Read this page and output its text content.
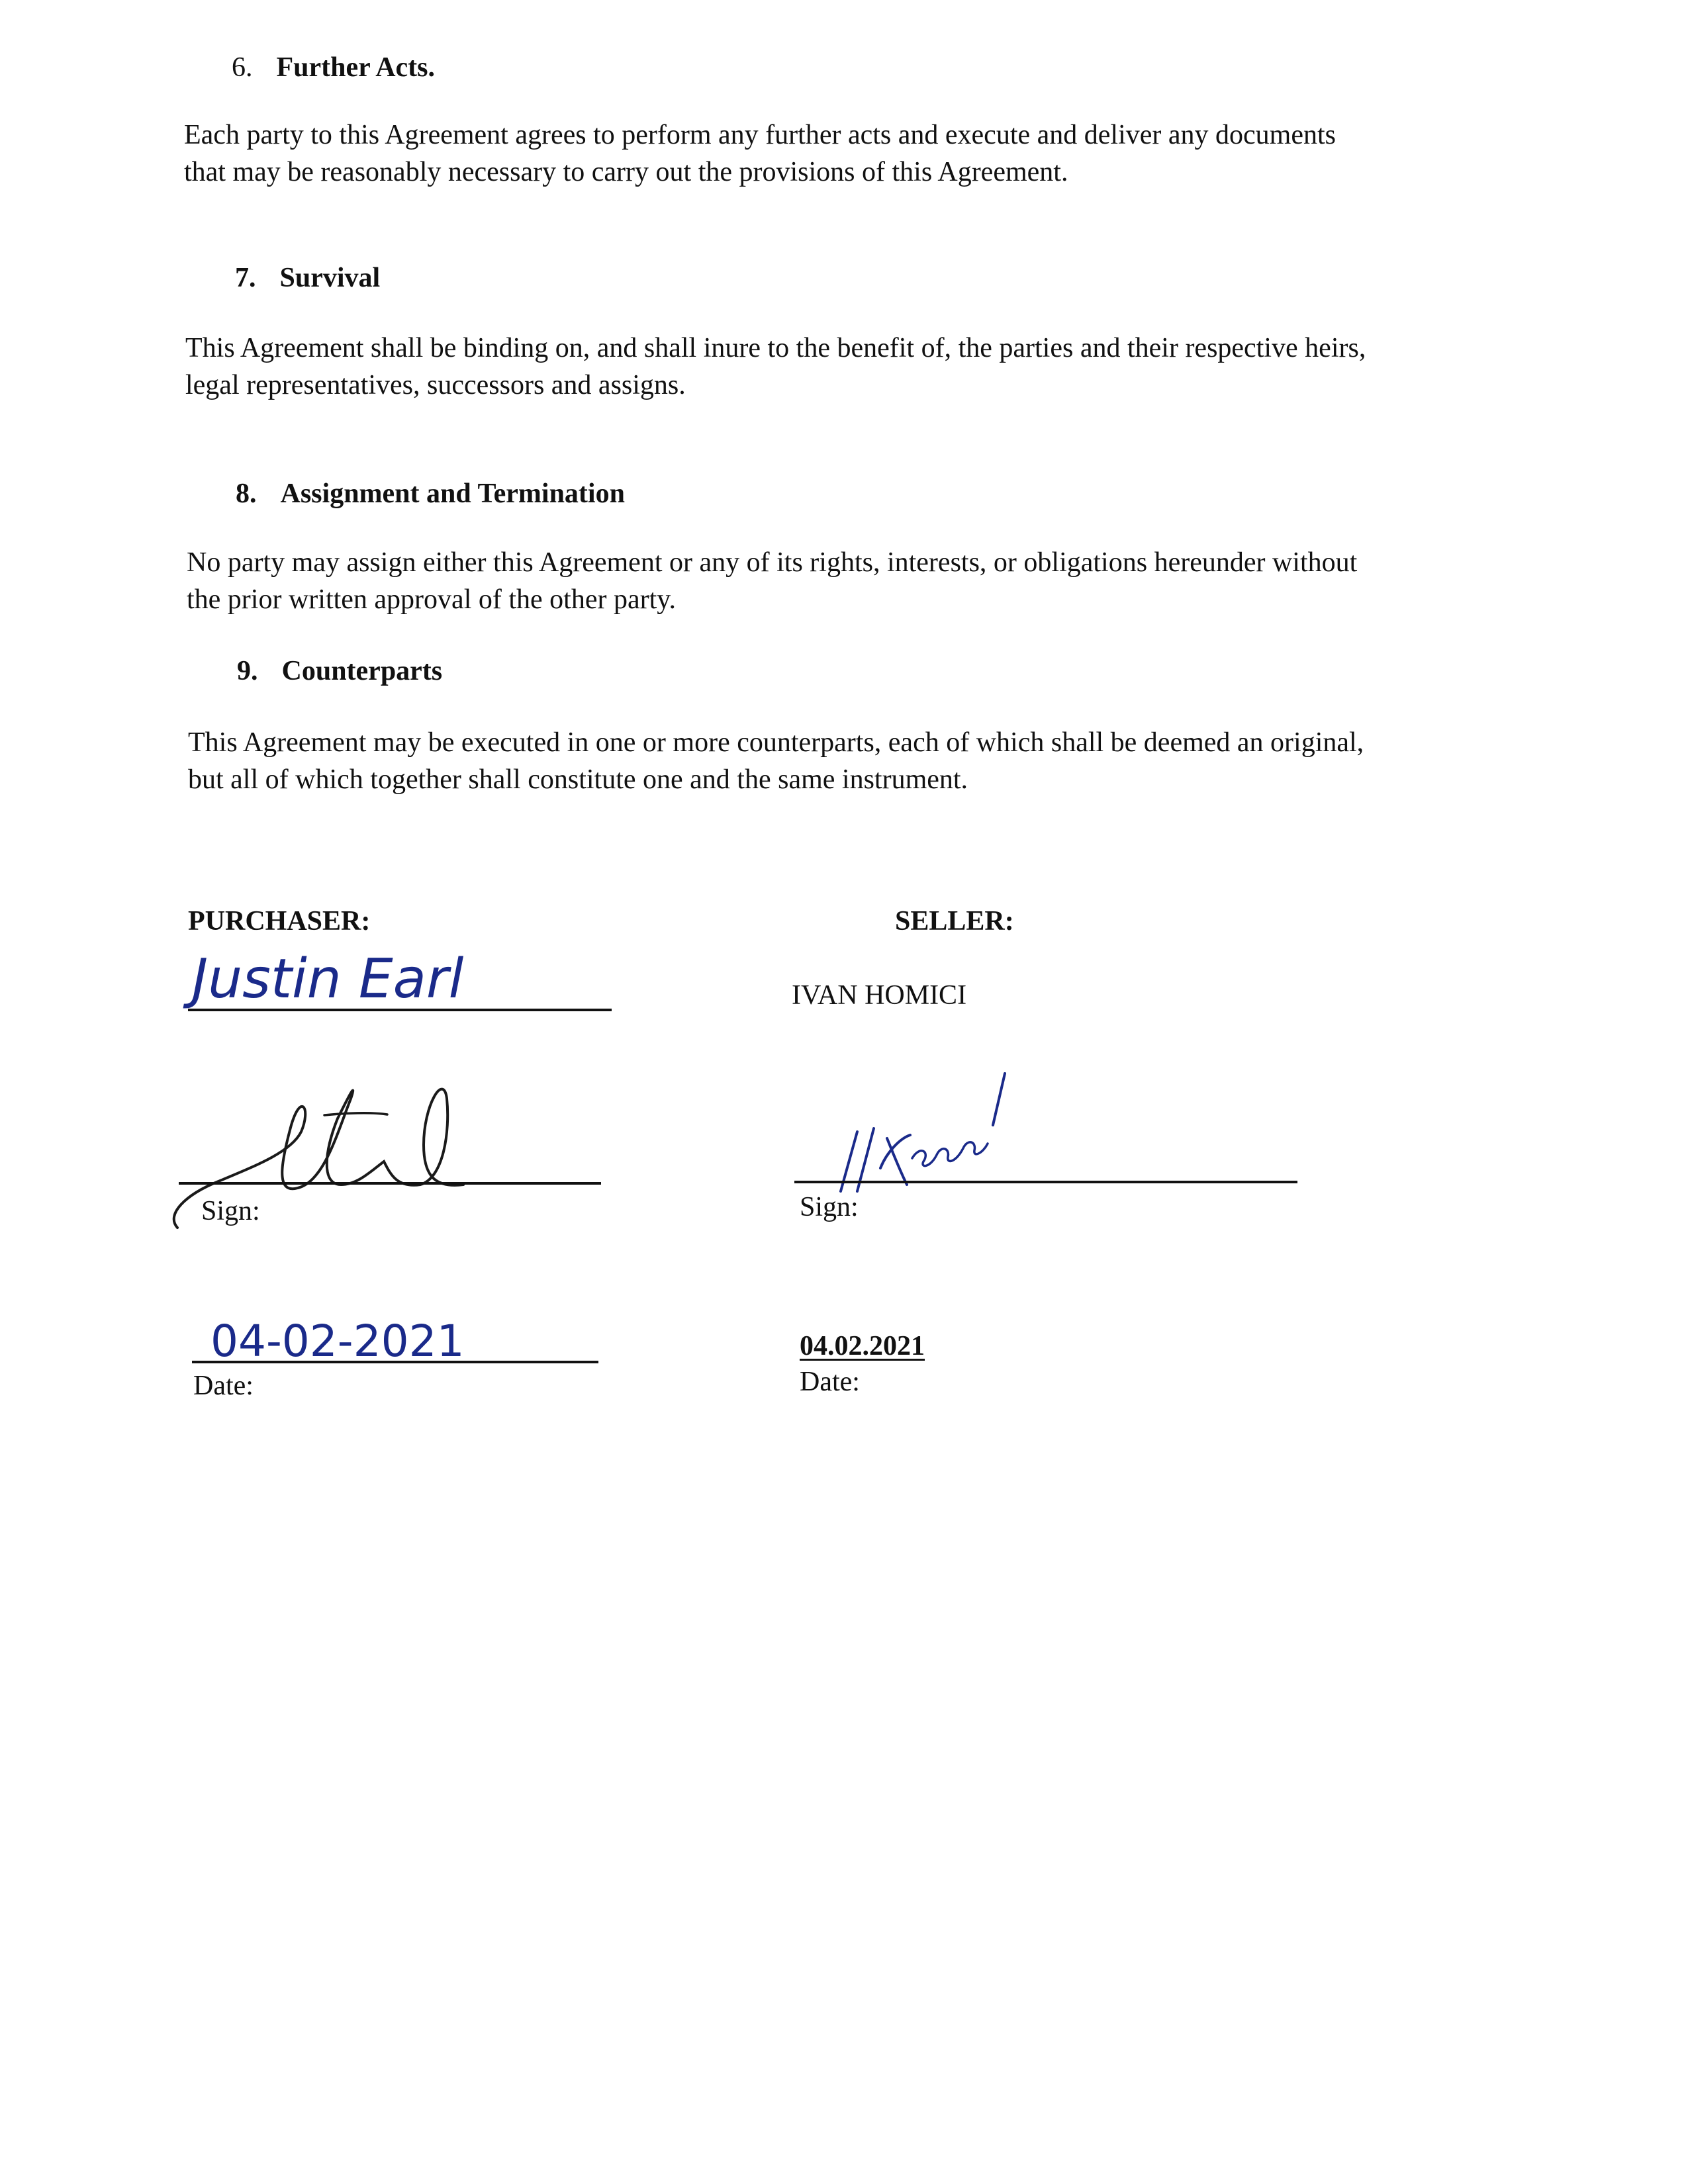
6. Further Acts.
Each party to this Agreement agrees to perform any further acts and execute and deliver any documents
that may be reasonably necessary to carry out the provisions of this Agreement.
7. Survival
This Agreement shall be binding on, and shall inure to the benefit of, the parties and their respective heirs,
legal representatives, successors and assigns.
8. Assignment and Termination
No party may assign either this Agreement or any of its rights, interests, or obligations hereunder without
the prior written approval of the other party.
9. Counterparts
This Agreement may be executed in one or more counterparts, each of which shall be deemed an original,
but all of which together shall constitute one and the same instrument.
PURCHASER:
Justin Earl
Sign:
04-02-2021
Date:
SELLER:
IVAN HOMICI
Sign:
04.02.2021
Date:
